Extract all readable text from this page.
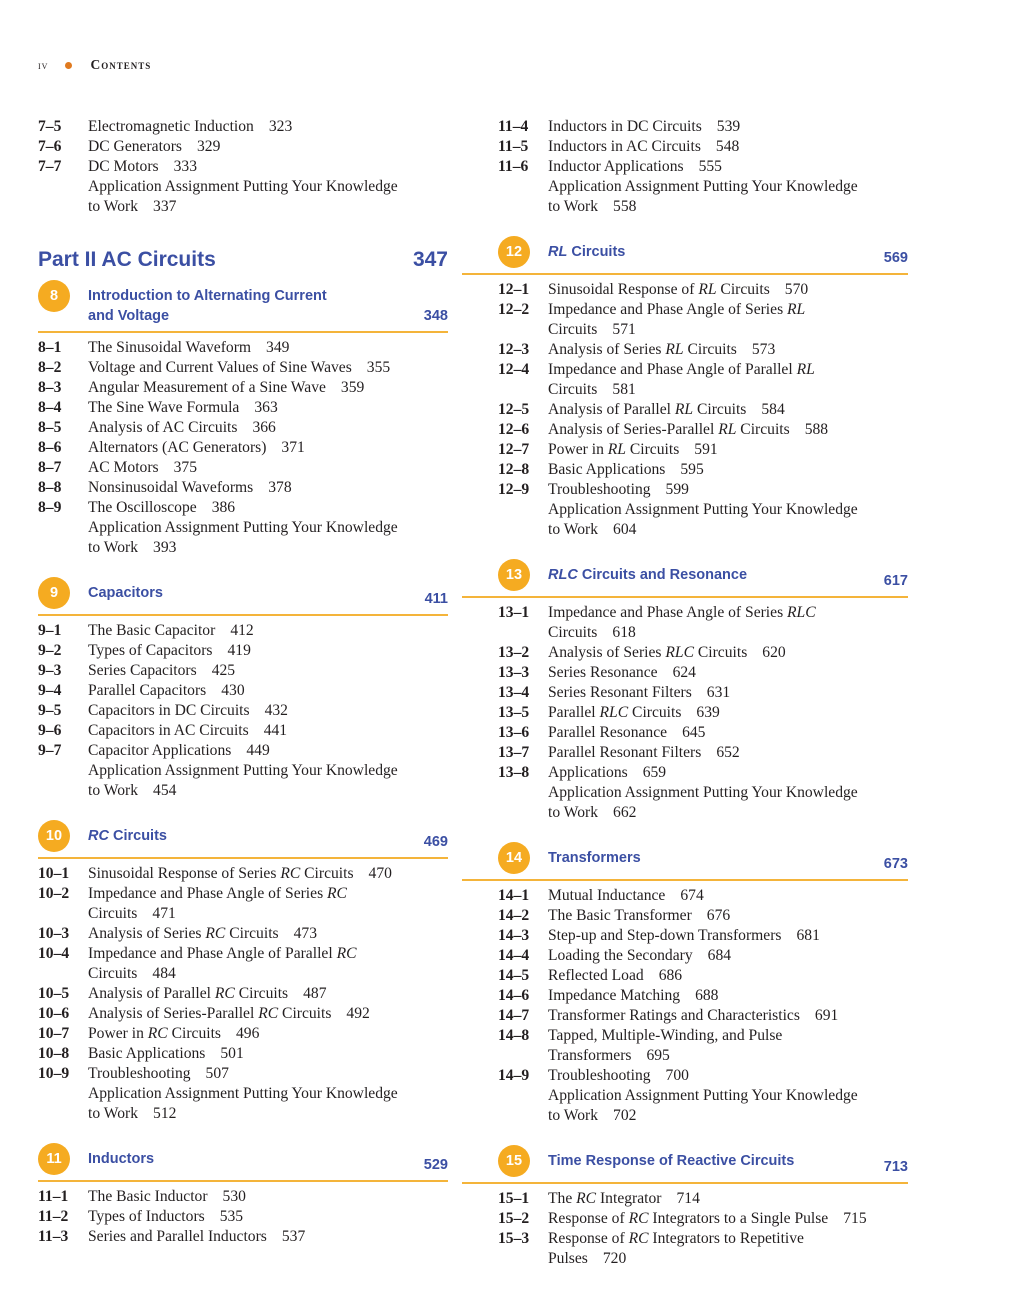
iv	Contents
7–5	Electromagnetic Induction 323
7–6	DC Generators 329
7–7	DC Motors 333
Application Assignment Putting Your Knowledge
to Work 337
Part II AC Circuits	347
8	Introduction to Alternating Current
and Voltage	348
8–1	The Sinusoidal Waveform 349
8–2	Voltage and Current Values of Sine Waves 355
8–3	Angular Measurement of a Sine Wave 359
8–4	The Sine Wave Formula 363
8–5	Analysis of AC Circuits 366
8–6	Alternators (AC Generators) 371
8–7	AC Motors 375
8–8	Nonsinusoidal Waveforms 378
8–9	The Oscilloscope 386
Application Assignment Putting Your Knowledge
to Work 393
9	Capacitors	411
9–1	The Basic Capacitor 412
9–2	Types of Capacitors 419
9–3	Series Capacitors 425
9–4	Parallel Capacitors 430
9–5	Capacitors in DC Circuits 432
9–6	Capacitors in AC Circuits 441
9–7	Capacitor Applications 449
Application Assignment Putting Your Knowledge
to Work 454
10	RC Circuits	469
10–1	Sinusoidal Response of Series RC Circuits 470
10–2	Impedance and Phase Angle of Series RC
Circuits 471
10–3	Analysis of Series RC Circuits 473
10–4	Impedance and Phase Angle of Parallel RC
Circuits 484
10–5	Analysis of Parallel RC Circuits 487
10–6	Analysis of Series-Parallel RC Circuits 492
10–7	Power in RC Circuits 496
10–8	Basic Applications 501
10–9	Troubleshooting 507
Application Assignment Putting Your Knowledge
to Work 512
11	Inductors	529
11–1	The Basic Inductor 530
11–2	Types of Inductors 535
11–3	Series and Parallel Inductors 537
11–4	Inductors in DC Circuits 539
11–5	Inductors in AC Circuits 548
11–6	Inductor Applications 555
Application Assignment Putting Your Knowledge
to Work 558
12	RL Circuits	569
12–1	Sinusoidal Response of RL Circuits 570
12–2	Impedance and Phase Angle of Series RL
Circuits 571
12–3	Analysis of Series RL Circuits 573
12–4	Impedance and Phase Angle of Parallel RL
Circuits 581
12–5	Analysis of Parallel RL Circuits 584
12–6	Analysis of Series-Parallel RL Circuits 588
12–7	Power in RL Circuits 591
12–8	Basic Applications 595
12–9	Troubleshooting 599
Application Assignment Putting Your Knowledge
to Work 604
13	RLC Circuits and Resonance	617
13–1	Impedance and Phase Angle of Series RLC
Circuits 618
13–2	Analysis of Series RLC Circuits 620
13–3	Series Resonance 624
13–4	Series Resonant Filters 631
13–5	Parallel RLC Circuits 639
13–6	Parallel Resonance 645
13–7	Parallel Resonant Filters 652
13–8	Applications 659
Application Assignment Putting Your Knowledge
to Work 662
14	Transformers	673
14–1	Mutual Inductance 674
14–2	The Basic Transformer 676
14–3	Step-up and Step-down Transformers 681
14–4	Loading the Secondary 684
14–5	Reflected Load 686
14–6	Impedance Matching 688
14–7	Transformer Ratings and Characteristics 691
14–8	Tapped, Multiple-Winding, and Pulse
Transformers 695
14–9	Troubleshooting 700
Application Assignment Putting Your Knowledge
to Work 702
15	Time Response of Reactive Circuits	713
15–1	The RC Integrator 714
15–2	Response of RC Integrators to a Single Pulse 715
15–3	Response of RC Integrators to Repetitive
Pulses 720
